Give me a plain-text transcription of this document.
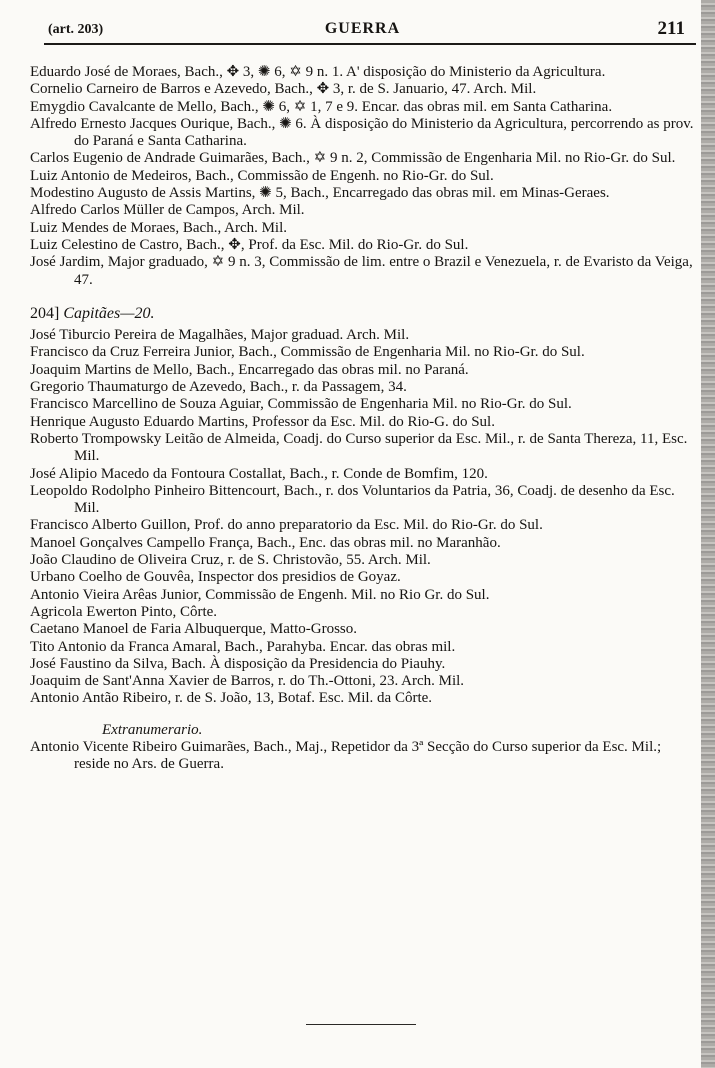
(art. 203)	GUERRA	211

Eduardo José de Moraes, Bach., ✥ 3, ✺ 6, ✡ 9 n. 1. A' disposição do Ministerio da Agricultura.

Cornelio Carneiro de Barros e Azevedo, Bach., ✥ 3, r. de S. Januario, 47. Arch. Mil.

Emygdio Cavalcante de Mello, Bach., ✺ 6, ✡ 1, 7 e 9. Encar. das obras mil. em Santa Catharina.

Alfredo Ernesto Jacques Ourique, Bach., ✺ 6. À disposição do Ministerio da Agricultura, percorrendo as prov. do Paraná e Santa Catharina.

Carlos Eugenio de Andrade Guimarães, Bach., ✡ 9 n. 2, Commissão de Engenharia Mil. no Rio-Gr. do Sul.

Luiz Antonio de Medeiros, Bach., Commissão de Engenh. no Rio-Gr. do Sul.

Modestino Augusto de Assis Martins, ✺ 5, Bach., Encarregado das obras mil. em Minas-Geraes.

Alfredo Carlos Müller de Campos, Arch. Mil.

Luiz Mendes de Moraes, Bach., Arch. Mil.

Luiz Celestino de Castro, Bach., ✥, Prof. da Esc. Mil. do Rio-Gr. do Sul.

José Jardim, Major graduado, ✡ 9 n. 3, Commissão de lim. entre o Brazil e Venezuela, r. de Evaristo da Veiga, 47.

204] Capitães—20.

José Tiburcio Pereira de Magalhães, Major graduad. Arch. Mil.

Francisco da Cruz Ferreira Junior, Bach., Commissão de Engenharia Mil. no Rio-Gr. do Sul.

Joaquim Martins de Mello, Bach., Encarregado das obras mil. no Paraná.

Gregorio Thaumaturgo de Azevedo, Bach., r. da Passagem, 34.

Francisco Marcellino de Souza Aguiar, Commissão de Engenharia Mil. no Rio-Gr. do Sul.

Henrique Augusto Eduardo Martins, Professor da Esc. Mil. do Rio-G. do Sul.

Roberto Trompowsky Leitão de Almeida, Coadj. do Curso superior da Esc. Mil., r. de Santa Thereza, 11, Esc. Mil.

José Alipio Macedo da Fontoura Costallat, Bach., r. Conde de Bomfim, 120.

Leopoldo Rodolpho Pinheiro Bittencourt, Bach., r. dos Voluntarios da Patria, 36, Coadj. de desenho da Esc. Mil.

Francisco Alberto Guillon, Prof. do anno preparatorio da Esc. Mil. do Rio-Gr. do Sul.

Manoel Gonçalves Campello França, Bach., Enc. das obras mil. no Maranhão.

João Claudino de Oliveira Cruz, r. de S. Christovão, 55. Arch. Mil.

Urbano Coelho de Gouvêa, Inspector dos presidios de Goyaz.

Antonio Vieira Arêas Junior, Commissão de Engenh. Mil. no Rio Gr. do Sul.

Agricola Ewerton Pinto, Côrte.

Caetano Manoel de Faria Albuquerque, Matto-Grosso.

Tito Antonio da Franca Amaral, Bach., Parahyba. Encar. das obras mil.

José Faustino da Silva, Bach. À disposição da Presidencia do Piauhy.

Joaquim de Sant'Anna Xavier de Barros, r. do Th.-Ottoni, 23. Arch. Mil.

Antonio Antão Ribeiro, r. de S. João, 13, Botaf. Esc. Mil. da Côrte.

Extranumerario.

Antonio Vicente Ribeiro Guimarães, Bach., Maj., Repetidor da 3ª Secção do Curso superior da Esc. Mil.; reside no Ars. de Guerra.
